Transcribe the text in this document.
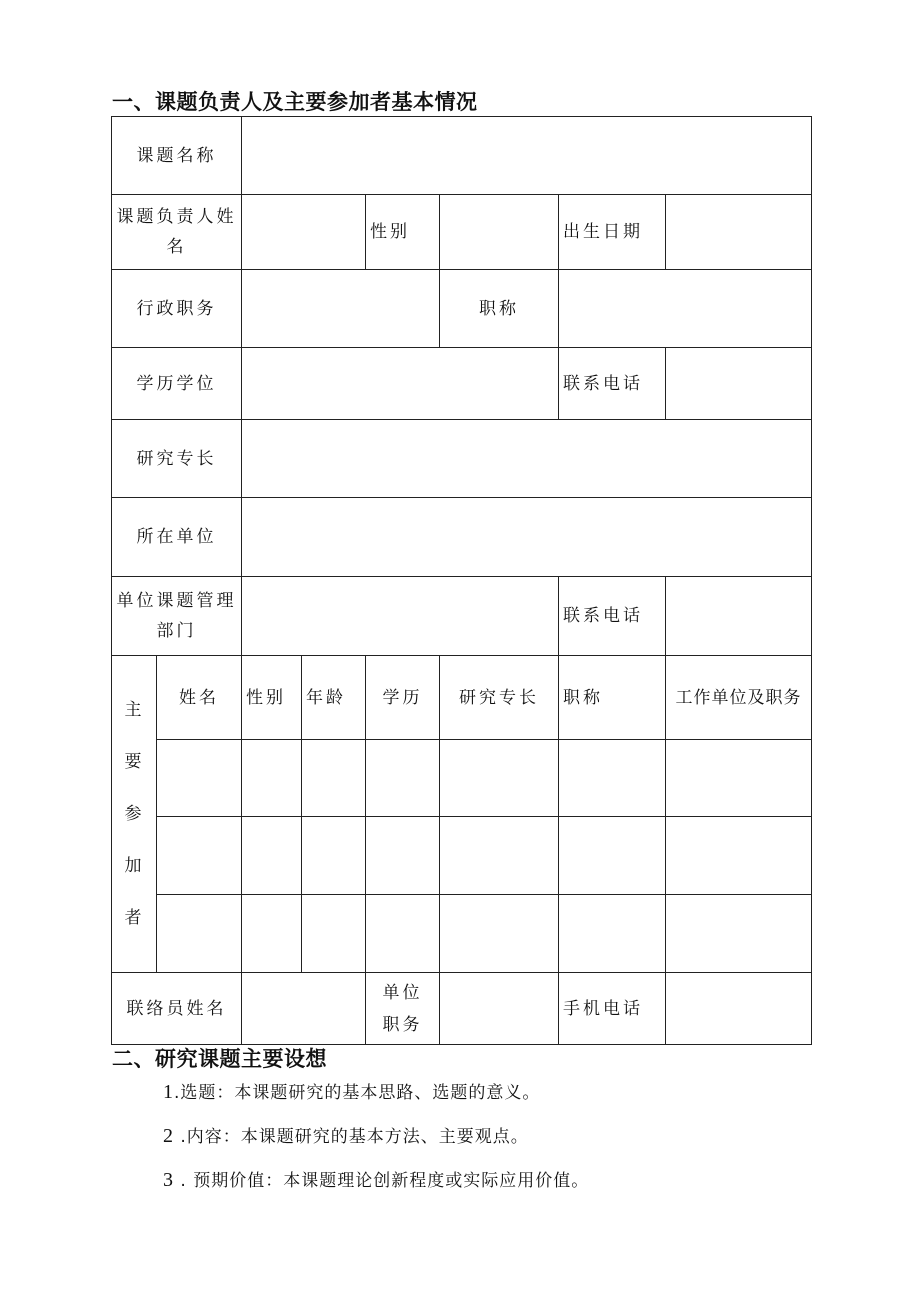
一、课题负责人及主要参加者基本情况
课题名称							
课题负责人姓名				性别		出生日期	
行政职务					职称		
学历学位						联系电话	
研究专长							
所在单位							
单位课题管理部门						联系电话	
主
要
参加
者	姓名	性别	年龄	学历	研究专长	职称	工作单位及职务

联络员姓名				单位职务		手机电话	
二、研究课题主要设想
1.选题：本课题研究的基本思路、选题的意义。
2 .内容：本课题研究的基本方法、主要观点。
3 . 预期价值：本课题理论创新程度或实际应用价值。
